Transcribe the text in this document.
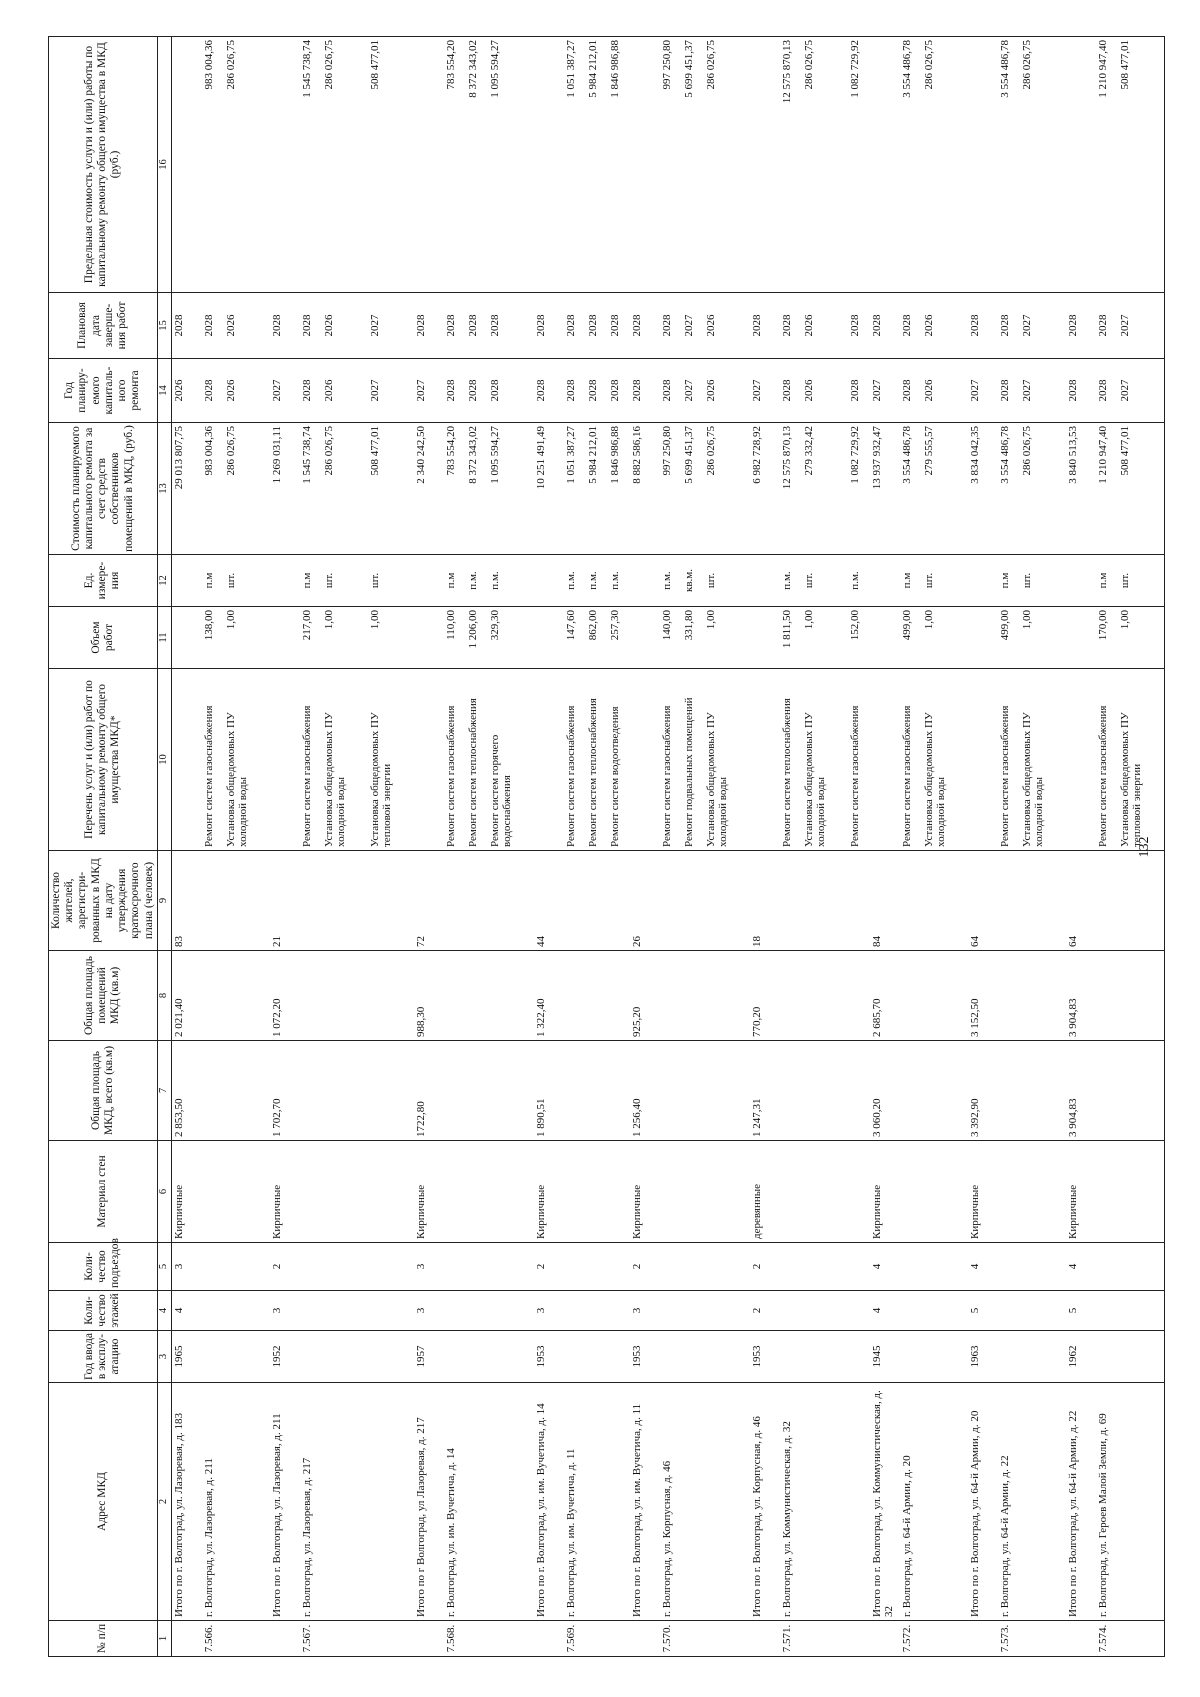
№ п/п	Адрес МКД	Год ввода в эксплу-атацию	Коли-чество этажей	Коли-чество подъездов	Материал стен	Общая площадь МКД, всего (кв.м)	Общая площадь помещений МКД (кв.м)	Количество жителей, зарегистри-рованных в МКД на дату утверждения краткосрочного плана (человек)	Перечень услуг и (или) работ по капитальному ремонту общего имущества МКД*	Объем работ	Ед. измере-ния	Стоимость планируемого капитального ремонта за счет средств собственников помещений в МКД, (руб.)	Год планиру-емого капиталь-ного ремонта	Плановая дата заверше-ния работ	Предельная стоимость услуги и (или) работы по капитальному ремонту общего имущества в МКД (руб.)
1	2	3	4	5	6	7	8	9	10	11	12	13	14	15	16
	Итого по г. Волгоград, ул. Лазоревая, д. 183	1965	4	3	Кирпичные	2 853,50	2 021,40	83				29 013 807,75	2026	2028	
7.566.	г. Волгоград, ул. Лазоревая, д. 211								Ремонт систем газоснабжения	138,00	п.м	983 004,36	2028	2028	983 004,36
									Установка общедомовых ПУ холодной воды	1,00	шт.	286 026,75	2026	2026	286 026,75
	Итого по г. Волгоград, ул. Лазоревая, д. 211	1952	3	2	Кирпичные	1 702,70	1 072,20	21				1 269 031,11	2027	2028	
7.567.	г. Волгоград, ул. Лазоревая, д. 217								Ремонт систем газоснабжения	217,00	п.м	1 545 738,74	2028	2028	1 545 738,74
									Установка общедомовых ПУ холодной воды	1,00	шт.	286 026,75	2026	2026	286 026,75
									Установка общедомовых ПУ тепловой энергии	1,00	шт.	508 477,01	2027	2027	508 477,01
	Итого по г Волгоград, ул Лазоревая, д. 217	1957	3	3	Кирпичные	1722,80	988,30	72				2 340 242,50	2027	2028	
7.568.	г. Волгоград, ул. им. Вучетича, д. 14								Ремонт систем газоснабжения	110,00	п.м	783 554,20	2028	2028	783 554,20
									Ремонт систем теплоснабжения	1 206,00	п.м.	8 372 343,02	2028	2028	8 372 343,02
									Ремонт систем горячего водоснабжения	329,30	п.м.	1 095 594,27	2028	2028	1 095 594,27
	Итого по г. Волгоград, ул. им. Вучетича, д. 14	1953	3	2	Кирпичные	1 890,51	1 322,40	44				10 251 491,49	2028	2028	
7.569.	г. Волгоград, ул. им. Вучетича, д. 11								Ремонт систем газоснабжения	147,60	п.м.	1 051 387,27	2028	2028	1 051 387,27
									Ремонт систем теплоснабжения	862,00	п.м.	5 984 212,01	2028	2028	5 984 212,01
									Ремонт систем водоотведения	257,30	п.м.	1 846 986,88	2028	2028	1 846 986,88
	Итого по г. Волгоград, ул. им. Вучетича, д. 11	1953	3	2	Кирпичные	1 256,40	925,20	26				8 882 586,16	2028	2028	
7.570.	г. Волгоград, ул. Корпусная, д. 46								Ремонт систем газоснабжения	140,00	п.м.	997 250,80	2028	2028	997 250,80
									Ремонт подвальных помещений	331,80	кв.м.	5 699 451,37	2027	2027	5 699 451,37
									Установка общедомовых ПУ холодной воды	1,00	шт.	286 026,75	2026	2026	286 026,75
	Итого по г. Волгоград, ул. Корпусная, д. 46	1953	2	2	деревянные	1 247,31	770,20	18				6 982 728,92	2027	2028	
7.571.	г. Волгоград, ул. Коммунистическая, д. 32								Ремонт систем теплоснабжения	1 811,50	п.м.	12 575 870,13	2028	2028	12 575 870,13
									Установка общедомовых ПУ холодной воды	1,00	шт.	279 332,42	2026	2026	286 026,75
									Ремонт систем газоснабжения	152,00	п.м.	1 082 729,92	2028	2028	1 082 729,92
	Итого по г. Волгоград, ул. Коммунистическая, д. 32	1945	4	4	Кирпичные	3 060,20	2 685,70	84				13 937 932,47	2027	2028	
7.572.	г. Волгоград, ул. 64-й Армии, д. 20								Ремонт систем газоснабжения	499,00	п.м	3 554 486,78	2028	2028	3 554 486,78
									Установка общедомовых ПУ холодной воды	1,00	шт.	279 555,57	2026	2026	286 026,75
	Итого по г. Волгоград, ул. 64-й Армии, д. 20	1963	5	4	Кирпичные	3 392,90	3 152,50	64				3 834 042,35	2027	2028	
7.573.	г. Волгоград, ул. 64-й Армии, д. 22								Ремонт систем газоснабжения	499,00	п.м	3 554 486,78	2028	2028	3 554 486,78
									Установка общедомовых ПУ холодной воды	1,00	шт.	286 026,75	2027	2027	286 026,75
	Итого по г. Волгоград, ул. 64-й Армии, д. 22	1962	5	4	Кирпичные	3 904,83	3 904,83	64				3 840 513,53	2028	2028	
7.574.	г. Волгоград, ул. Героев Малой Земли, д. 69								Ремонт систем газоснабжения	170,00	п.м	1 210 947,40	2028	2028	1 210 947,40
									Установка общедомовых ПУ тепловой энергии	1,00	шт.	508 477,01	2027	2027	508 477,01
132
